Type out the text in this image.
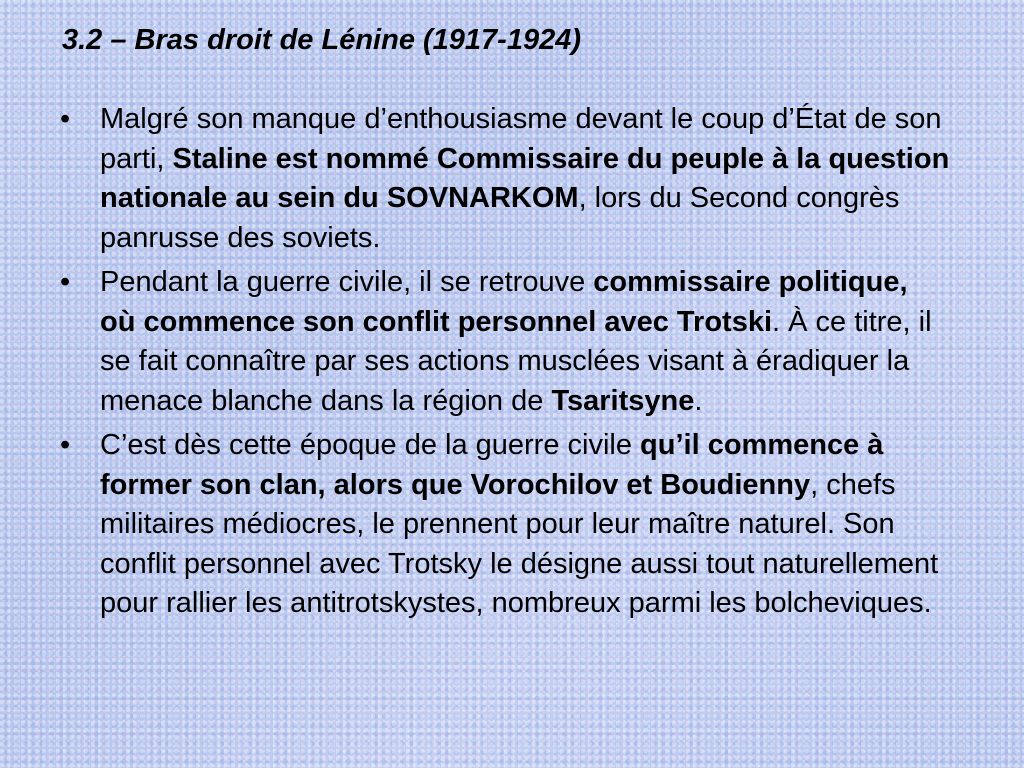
3.2 – Bras droit de Lénine (1917-1924)
• Malgré son manque d’enthousiasme devant le coup d’État de son parti, Staline est nommé Commissaire du peuple à la question nationale au sein du SOVNARKOM, lors du Second congrès panrusse des soviets.
• Pendant la guerre civile, il se retrouve commissaire politique, où commence son conflit personnel avec Trotski. À ce titre, il se fait connaître par ses actions musclées visant à éradiquer la menace blanche dans la région de Tsaritsyne.
• C’est dès cette époque de la guerre civile qu’il commence à former son clan, alors que Vorochilov et Boudienny, chefs militaires médiocres, le prennent pour leur maître naturel. Son conflit personnel avec Trotsky le désigne aussi tout naturellement pour rallier les antitrotskystes, nombreux parmi les bolcheviques.
